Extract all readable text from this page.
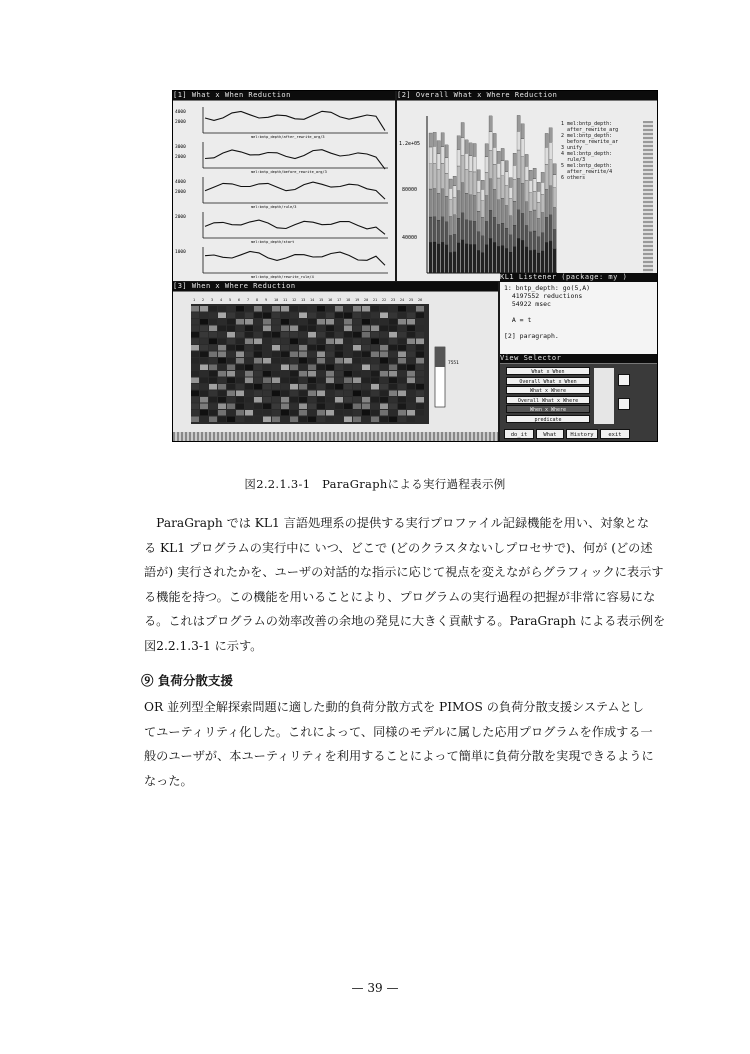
[1] What x When Reduction
4000
2000
mel:bntp_depth/after_rewrite_arg/3
3000
2000
mel:bntp_depth/before_rewrite_arg/3
4000
2000
mel:bntp_depth/rule/3
2000
mel:bntp_depth/start
1000
mel:bntp_depth/rewrite_rule/4
[2] Overall What x Where Reduction
1.2e+05
80000
40000
1 mel:bntp_depth:
after_rewrite_arg
2 mel:bntp_depth:
before_rewrite_ar
3 unify
4 mel:bntp_depth:
rule/3
5 mel:bntp_depth:
after_rewrite/4
6 others
[3] When x Where Reduction
1 2 3 4 5 6 7 8 9 10 11 12 13 14 15 16 17 18 19 20 21 22 23 24 25 26
7551
KL1 Listener (package: my )
1: bntp_depth: go(5,A)
4197552 reductions
54922 msec

A = t

[2] paragraph.
View Selector
What x When
Overall What x When
What x Where
Overall What x Where
When x Where
predicate
do_it	What	History	exit
図2.2.1.3-1　ParaGraphによる実行過程表示例
　ParaGraph では KL1 言語処理系の提供する実行プロファイル記録機能を用い、対象とな
る KL1 プログラムの実行中に いつ、どこで (どのクラスタないしプロセサで)、何が (どの述
語が) 実行されたかを、ユーザの対話的な指示に応じて視点を変えながらグラフィックに表示す
る機能を持つ。この機能を用いることにより、プログラムの実行過程の把握が非常に容易にな
る。これはプログラムの効率改善の余地の発見に大きく貢献する。ParaGraph による表示例を
図2.2.1.3-1 に示す。
⑨ 負荷分散支援
OR 並列型全解探索問題に適した動的負荷分散方式を PIMOS の負荷分散支援システムとし
てユーティリティ化した。これによって、同様のモデルに属した応用プログラムを作成する一
般のユーザが、本ユーティリティを利用することによって簡単に負荷分散を実現できるように
なった。
— 39 —
